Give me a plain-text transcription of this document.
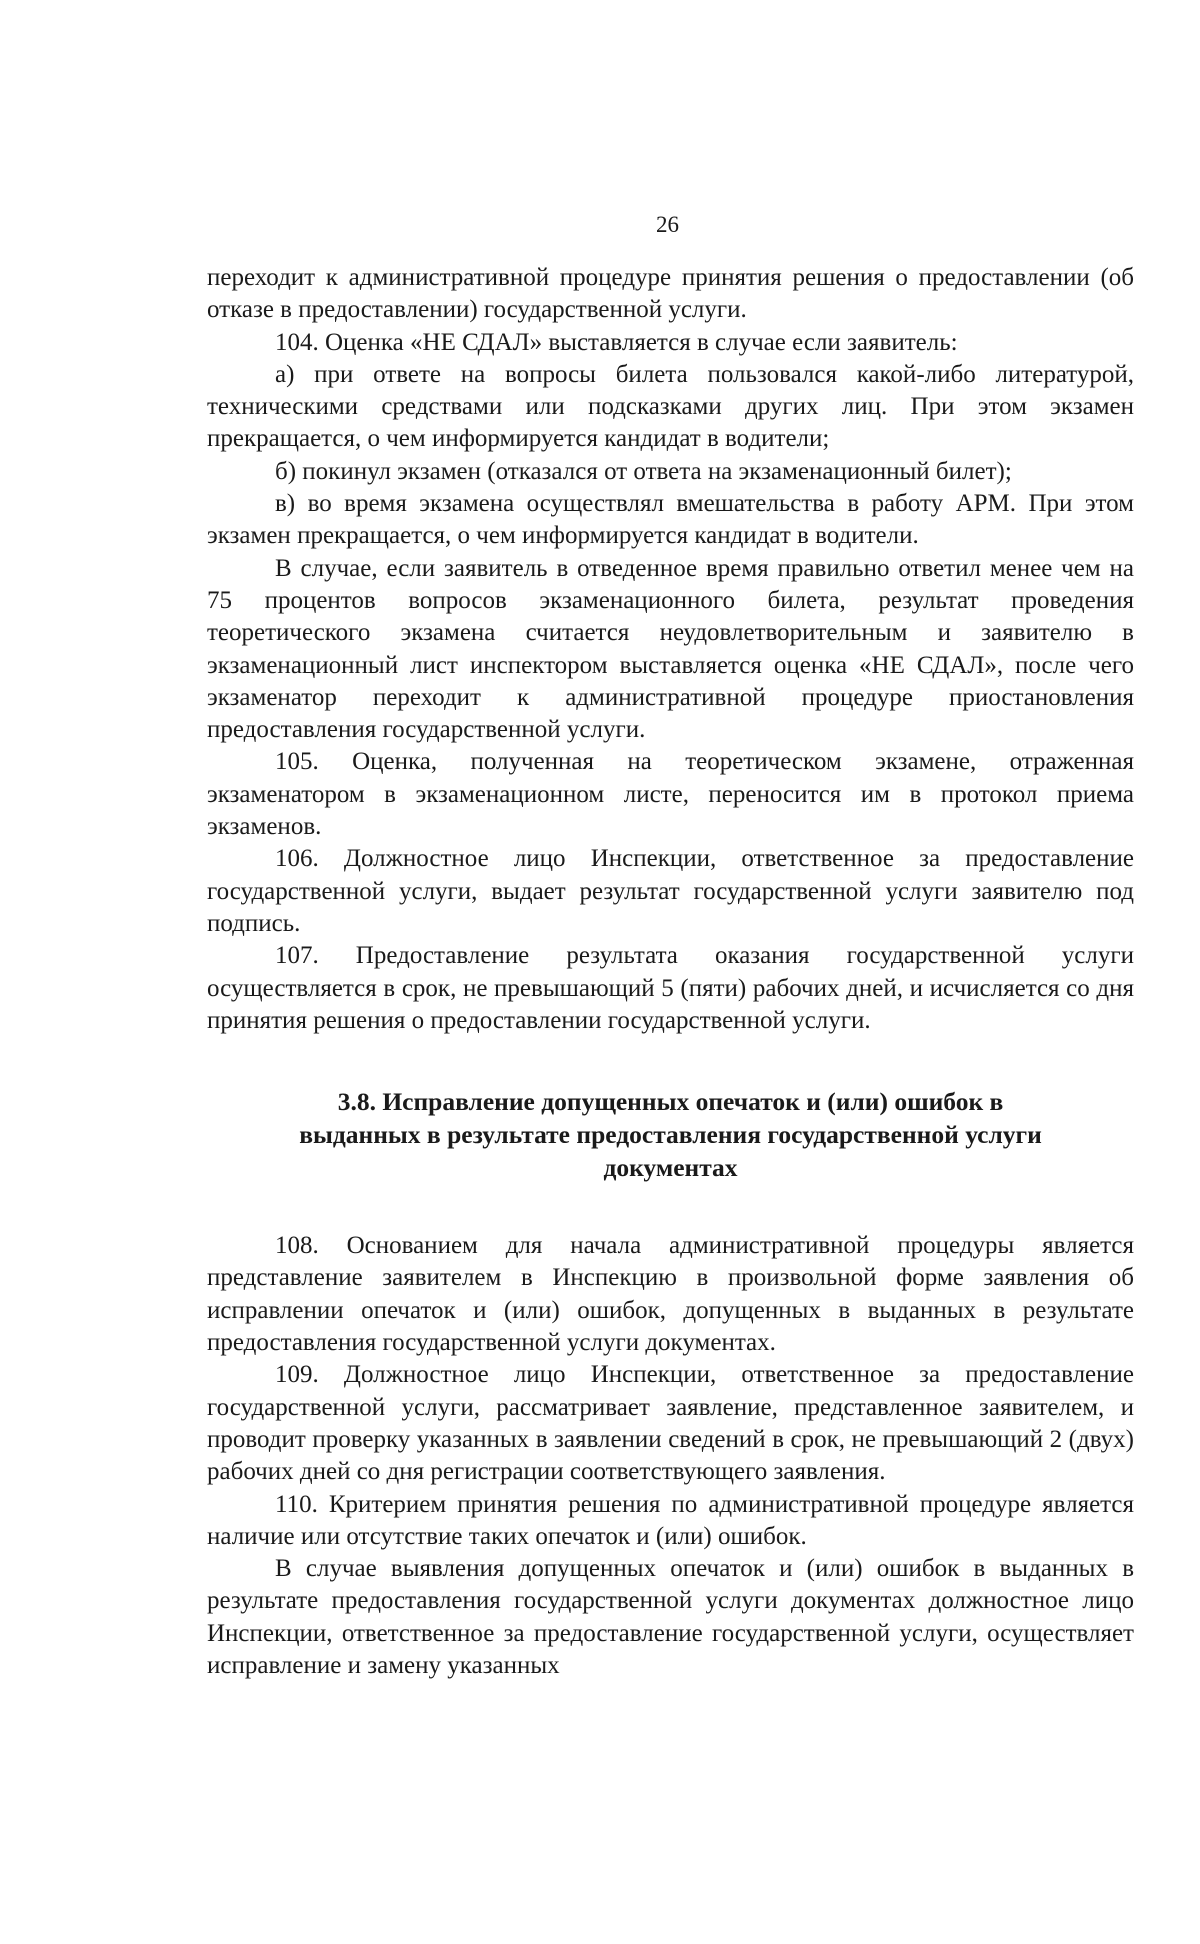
26

переходит к административной процедуре принятия решения о предоставлении (об отказе в предоставлении) государственной услуги.

104. Оценка «НЕ СДАЛ» выставляется в случае если заявитель:

а) при ответе на вопросы билета пользовался какой-либо литературой, техническими средствами или подсказками других лиц. При этом экзамен прекращается, о чем информируется кандидат в водители;

б) покинул экзамен (отказался от ответа на экзаменационный билет);

в) во время экзамена осуществлял вмешательства в работу АРМ. При этом экзамен прекращается, о чем информируется кандидат в водители.

В случае, если заявитель в отведенное время правильно ответил менее чем на 75 процентов вопросов экзаменационного билета, результат проведения теоретического экзамена считается неудовлетворительным и заявителю в экзаменационный лист инспектором выставляется оценка «НЕ СДАЛ», после чего экзаменатор переходит к административной процедуре приостановления предоставления государственной услуги.

105. Оценка, полученная на теоретическом экзамене, отраженная экзаменатором в экзаменационном листе, переносится им в протокол приема экзаменов.

106. Должностное лицо Инспекции, ответственное за предоставление государственной услуги, выдает результат государственной услуги заявителю под подпись.

107. Предоставление результата оказания государственной услуги осуществляется в срок, не превышающий 5 (пяти) рабочих дней, и исчисляется со дня принятия решения о предоставлении государственной услуги.

3.8. Исправление допущенных опечаток и (или) ошибок в
выданных в результате предоставления государственной услуги
документах

108. Основанием для начала административной процедуры является представление заявителем в Инспекцию в произвольной форме заявления об исправлении опечаток и (или) ошибок, допущенных в выданных в результате предоставления государственной услуги документах.

109. Должностное лицо Инспекции, ответственное за предоставление государственной услуги, рассматривает заявление, представленное заявителем, и проводит проверку указанных в заявлении сведений в срок, не превышающий 2 (двух) рабочих дней со дня регистрации соответствующего заявления.

110. Критерием принятия решения по административной процедуре является наличие или отсутствие таких опечаток и (или) ошибок.

В случае выявления допущенных опечаток и (или) ошибок в выданных в результате предоставления государственной услуги документах должностное лицо Инспекции, ответственное за предоставление государственной услуги, осуществляет исправление и замену указанных
